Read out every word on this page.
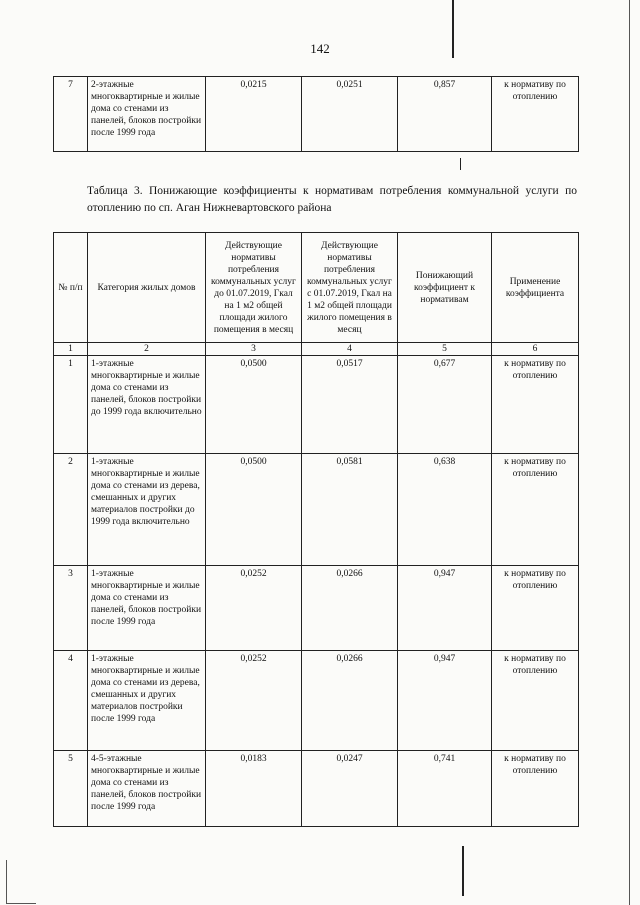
142
7	2-этажные многоквартирные и жилые дома со стенами из панелей, блоков постройки после 1999 года	0,0215	0,0251	0,857	к нормативу по отоплению
Таблица 3. Понижающие коэффициенты к нормативам потребления коммунальной услуги по отоплению по сп. Аган Нижневартовского района
№ п/п	Категория жилых домов	Действующие нормативы потребления коммунальных услуг до 01.07.2019, Гкал на 1 м2 общей площади жилого помещения в месяц	Действующие нормативы потребления коммунальных услуг с 01.07.2019, Гкал на 1 м2 общей площади жилого помещения в месяц	Понижающий коэффициент к нормативам	Применение коэффициента
1	2	3	4	5	6
1	1-этажные многоквартирные и жилые дома со стенами из панелей, блоков постройки до 1999 года включительно	0,0500	0,0517	0,677	к нормативу по отоплению
2	1-этажные многоквартирные и жилые дома со стенами из дерева, смешанных и других материалов постройки до 1999 года включительно	0,0500	0,0581	0,638	к нормативу по отоплению
3	1-этажные многоквартирные и жилые дома со стенами из панелей, блоков постройки после 1999 года	0,0252	0,0266	0,947	к нормативу по отоплению
4	1-этажные многоквартирные и жилые дома со стенами из дерева, смешанных и других материалов постройки после 1999 года	0,0252	0,0266	0,947	к нормативу по отоплению
5	4-5-этажные многоквартирные и жилые дома со стенами из панелей, блоков постройки после 1999 года	0,0183	0,0247	0,741	к нормативу по отоплению
